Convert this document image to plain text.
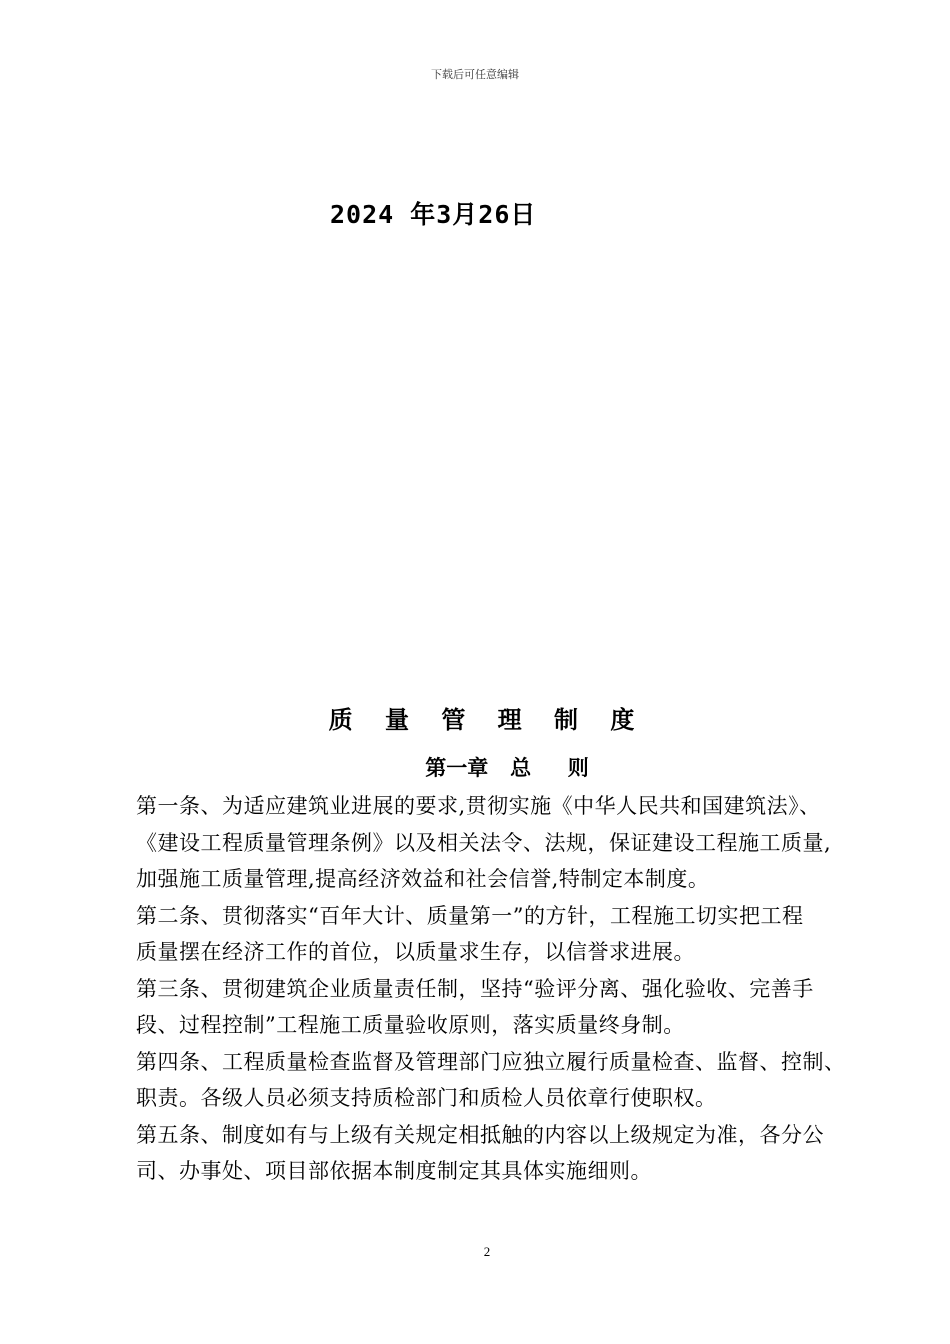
下载后可任意编辑
2024 年3月26日
质 量 管 理 制 度
第一章   总     则
第一条、为适应建筑业进展的要求,贯彻实施《中华人民共和国建筑法》、
《建设工程质量管理条例》以及相关法令、法规，保证建设工程施工质量,
加强施工质量管理,提高经济效益和社会信誉,特制定本制度。
第二条、贯彻落实“百年大计、质量第一”的方针，工程施工切实把工程
质量摆在经济工作的首位，以质量求生存，以信誉求进展。
第三条、贯彻建筑企业质量责任制，坚持“验评分离、强化验收、完善手
段、过程控制”工程施工质量验收原则，落实质量终身制。
第四条、工程质量检查监督及管理部门应独立履行质量检查、监督、控制、
职责。各级人员必须支持质检部门和质检人员依章行使职权。
第五条、制度如有与上级有关规定相抵触的内容以上级规定为准，各分公
司、办事处、项目部依据本制度制定其具体实施细则。
2
